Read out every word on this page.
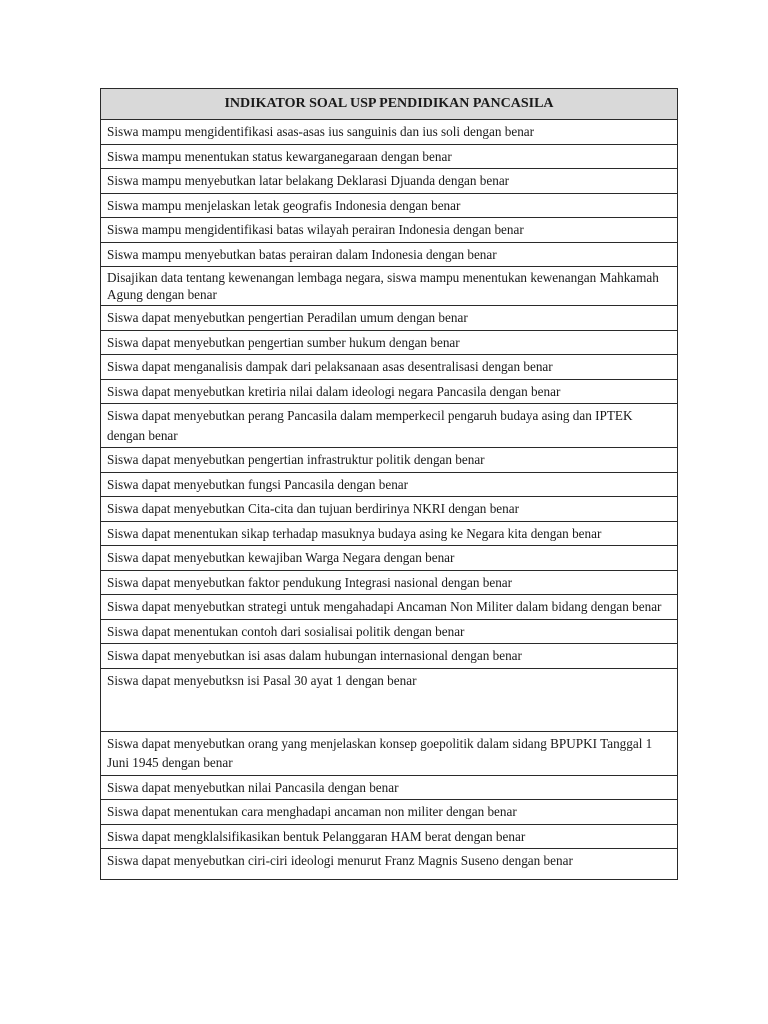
INDIKATOR SOAL USP PENDIDIKAN PANCASILA
Siswa mampu mengidentifikasi asas-asas ius sanguinis dan ius soli dengan benar
Siswa mampu menentukan status kewarganegaraan dengan benar
Siswa mampu menyebutkan latar belakang Deklarasi Djuanda dengan benar
Siswa mampu menjelaskan letak geografis Indonesia dengan benar
Siswa mampu mengidentifikasi batas wilayah perairan Indonesia dengan benar
Siswa mampu menyebutkan batas perairan dalam Indonesia dengan benar
Disajikan data tentang kewenangan lembaga negara, siswa mampu menentukan kewenangan Mahkamah Agung dengan benar
Siswa dapat menyebutkan pengertian Peradilan umum dengan benar
Siswa dapat menyebutkan pengertian sumber hukum dengan benar
Siswa dapat menganalisis dampak dari pelaksanaan asas desentralisasi dengan benar
Siswa dapat menyebutkan kretiria nilai dalam ideologi negara Pancasila dengan benar
Siswa dapat menyebutkan perang Pancasila dalam memperkecil pengaruh budaya asing dan IPTEK dengan benar
Siswa dapat menyebutkan pengertian infrastruktur politik dengan benar
Siswa dapat menyebutkan fungsi Pancasila dengan benar
Siswa dapat menyebutkan Cita-cita dan tujuan berdirinya NKRI dengan benar
Siswa dapat menentukan sikap terhadap masuknya budaya asing ke Negara kita dengan benar
Siswa dapat menyebutkan kewajiban Warga Negara dengan benar
Siswa dapat menyebutkan faktor pendukung Integrasi nasional dengan benar
Siswa dapat menyebutkan strategi untuk mengahadapi Ancaman Non Militer dalam bidang dengan benar
Siswa dapat menentukan contoh dari sosialisai politik dengan benar
Siswa dapat menyebutkan isi asas dalam hubungan internasional dengan benar
Siswa dapat menyebutksn isi Pasal 30 ayat 1 dengan benar
Siswa dapat menyebutkan orang yang menjelaskan konsep goepolitik dalam sidang BPUPKI Tanggal 1 Juni 1945 dengan benar
Siswa dapat menyebutkan nilai Pancasila dengan benar
Siswa dapat menentukan cara menghadapi ancaman non militer dengan benar
Siswa dapat mengklalsifikasikan bentuk Pelanggaran HAM berat dengan benar
Siswa dapat menyebutkan ciri-ciri ideologi menurut Franz Magnis Suseno dengan benar
